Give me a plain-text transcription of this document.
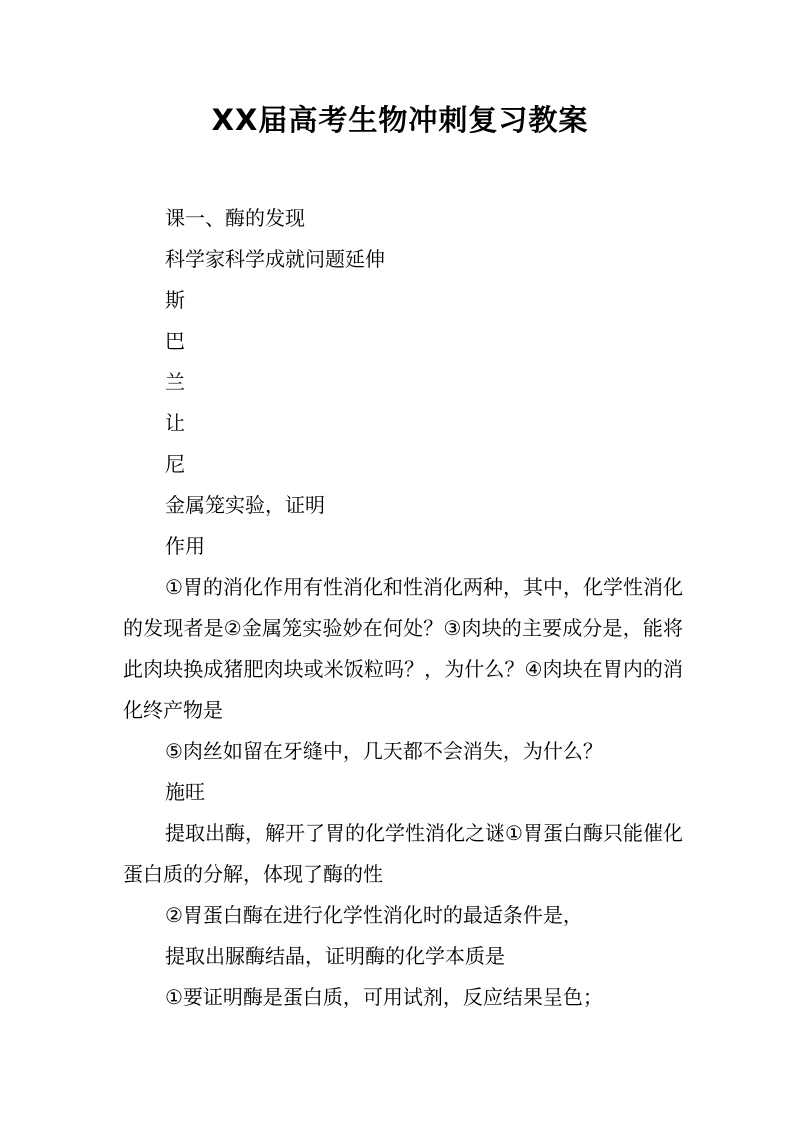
XX届高考生物冲刺复习教案

课一、酶的发现

科学家科学成就问题延伸

斯

巴

兰

让

尼

金属笼实验，证明

作用

①胃的消化作用有性消化和性消化两种，其中，化学性消化的发现者是②金属笼实验妙在何处？③肉块的主要成分是，能将此肉块换成猪肥肉块或米饭粒吗？，为什么？④肉块在胃内的消化终产物是

⑤肉丝如留在牙缝中，几天都不会消失，为什么？

施旺

提取出酶，解开了胃的化学性消化之谜①胃蛋白酶只能催化蛋白质的分解，体现了酶的性

②胃蛋白酶在进行化学性消化时的最适条件是，

提取出脲酶结晶，证明酶的化学本质是

①要证明酶是蛋白质，可用试剂，反应结果呈色；
